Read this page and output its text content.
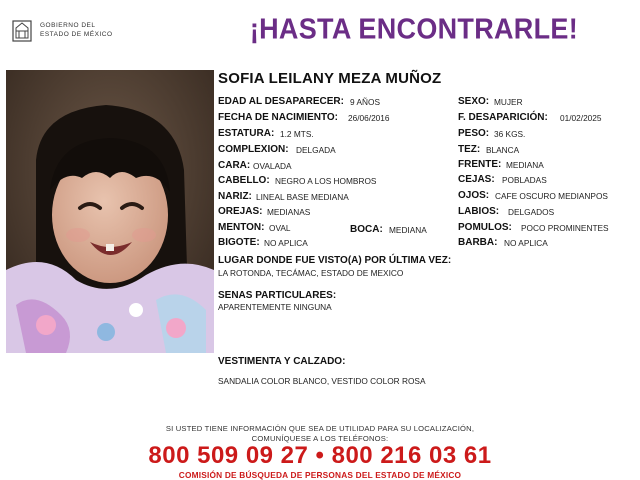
GOBIERNO DEL
ESTADO DE MÉXICO	¡HASTA ENCONTRARLE!
SOFIA LEILANY MEZA MUÑOZ
EDAD AL DESAPARECER: 9 AÑOS
FECHA DE NACIMIENTO: 26/06/2016
ESTATURA: 1.2 MTS.
COMPLEXION: DELGADA
CARA: OVALADA
CABELLO: NEGRO A LOS HOMBROS
NARIZ: LINEAL BASE MEDIANA
OREJAS: MEDIANAS
MENTON: OVAL	BOCA: MEDIANA
BIGOTE: NO APLICA
SEXO: MUJER
F. DESAPARICIÓN: 01/02/2025
PESO: 36 KGS.
TEZ: BLANCA
FRENTE: MEDIANA
CEJAS: POBLADAS
OJOS: CAFE OSCURO MEDIANPOS
LABIOS: DELGADOS
POMULOS: POCO PROMINENTES
BARBA: NO APLICA
LUGAR DONDE FUE VISTO(A) POR ÚLTIMA VEZ:
LA ROTONDA, TECÁMAC, ESTADO DE MEXICO
SENAS PARTICULARES:
APARENTEMENTE NINGUNA
VESTIMENTA Y CALZADO:
SANDALIA COLOR BLANCO, VESTIDO COLOR ROSA
SI USTED TIENE INFORMACIÓN QUE SEA DE UTILIDAD PARA SU LOCALIZACIÓN,
COMUNÍQUESE A LOS TELÉFONOS:
800 509 09 27 • 800 216 03 61
COMISIÓN DE BÚSQUEDA DE PERSONAS DEL ESTADO DE MÉXICO
